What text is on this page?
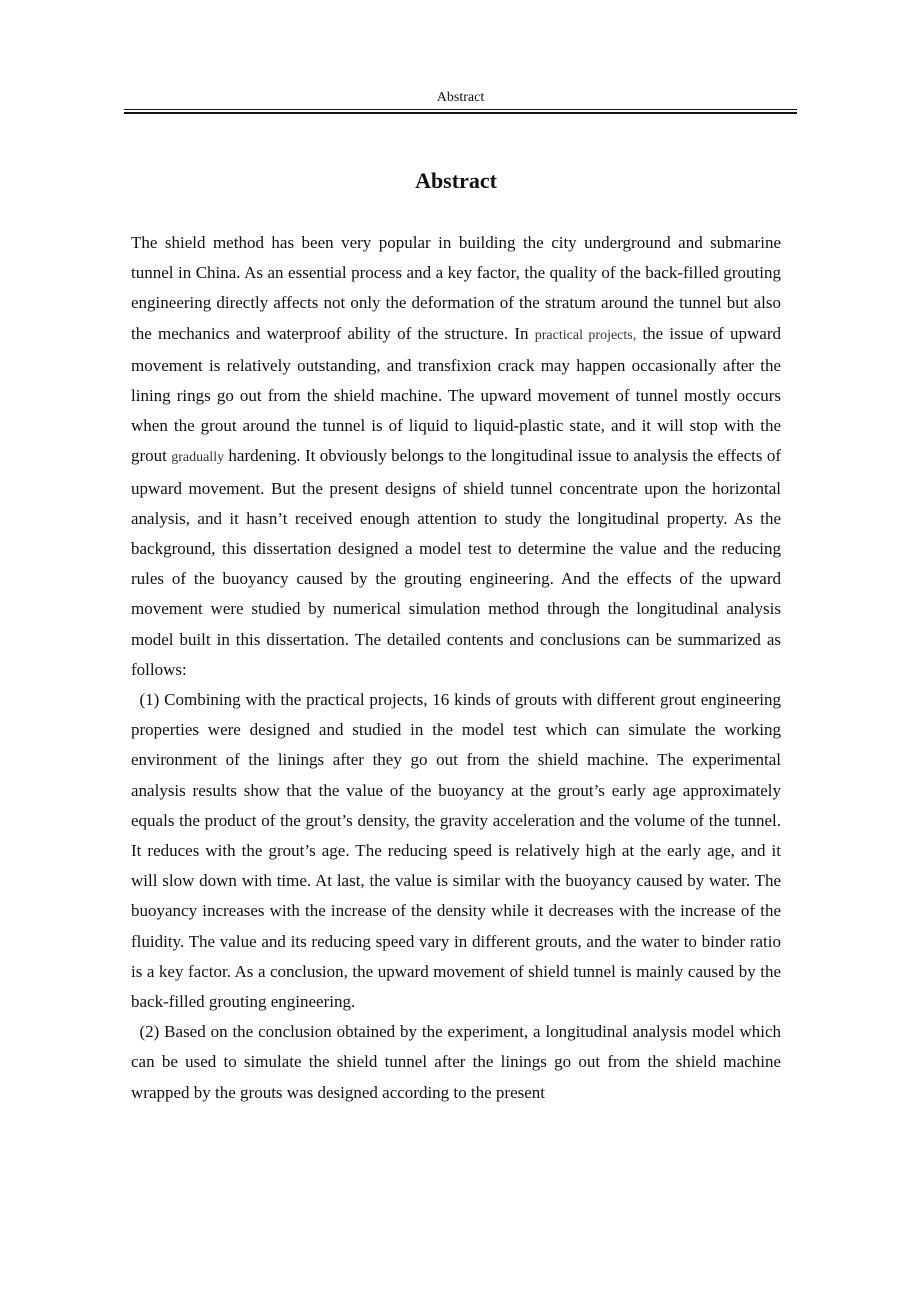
Abstract
Abstract

The shield method has been very popular in building the city underground and submarine tunnel in China. As an essential process and a key factor, the quality of the back-filled grouting engineering directly affects not only the deformation of the stratum around the tunnel but also the mechanics and waterproof ability of the structure. In practical projects, the issue of upward movement is relatively outstanding, and transfixion crack may happen occasionally after the lining rings go out from the shield machine. The upward movement of tunnel mostly occurs when the grout around the tunnel is of liquid to liquid-plastic state, and it will stop with the grout gradually hardening. It obviously belongs to the longitudinal issue to analysis the effects of upward movement. But the present designs of shield tunnel concentrate upon the horizontal analysis, and it hasn’t received enough attention to study the longitudinal property. As the background, this dissertation designed a model test to determine the value and the reducing rules of the buoyancy caused by the grouting engineering. And the effects of the upward movement were studied by numerical simulation method through the longitudinal analysis model built in this dissertation. The detailed contents and conclusions can be summarized as follows:

(1) Combining with the practical projects, 16 kinds of grouts with different grout engineering properties were designed and studied in the model test which can simulate the working environment of the linings after they go out from the shield machine. The experimental analysis results show that the value of the buoyancy at the grout’s early age approximately equals the product of the grout’s density, the gravity acceleration and the volume of the tunnel. It reduces with the grout’s age. The reducing speed is relatively high at the early age, and it will slow down with time. At last, the value is similar with the buoyancy caused by water. The buoyancy increases with the increase of the density while it decreases with the increase of the fluidity. The value and its reducing speed vary in different grouts, and the water to binder ratio is a key factor. As a conclusion, the upward movement of shield tunnel is mainly caused by the back-filled grouting engineering.

(2) Based on the conclusion obtained by the experiment, a longitudinal analysis model which can be used to simulate the shield tunnel after the linings go out from the shield machine wrapped by the grouts was designed according to the present
